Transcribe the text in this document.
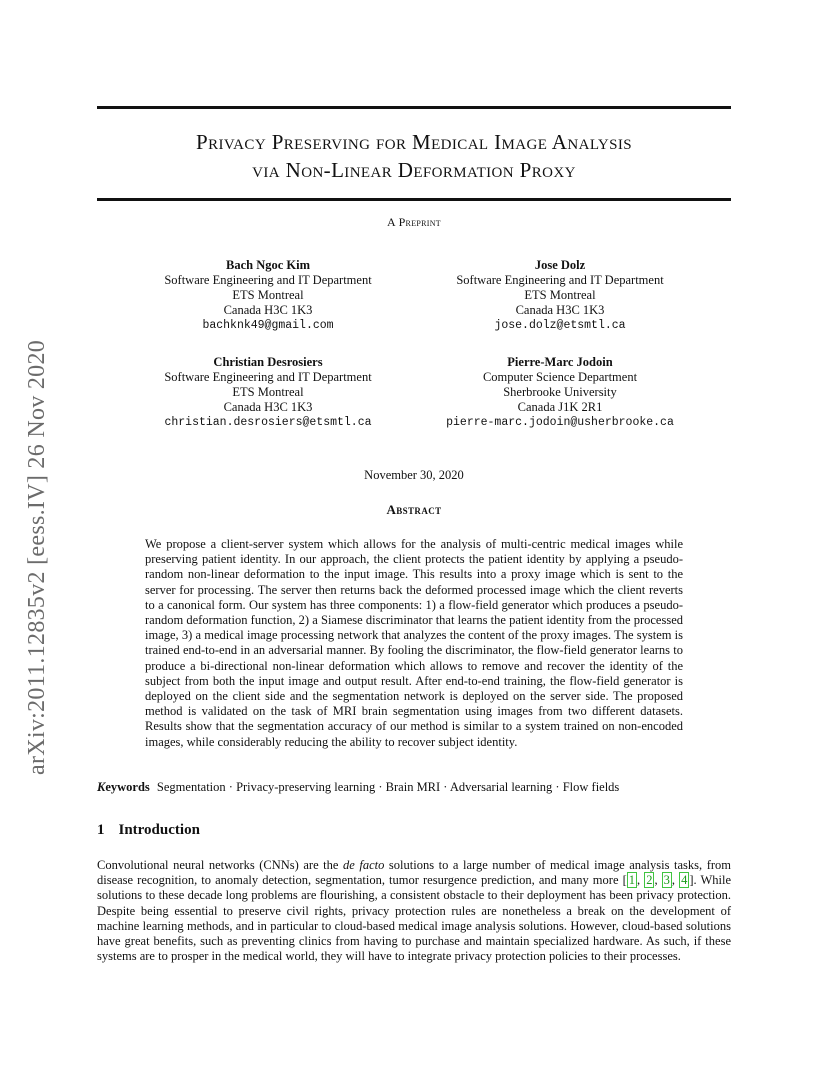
arXiv:2011.12835v2 [eess.IV] 26 Nov 2020
Privacy Preserving for Medical Image Analysis
via Non-Linear Deformation Proxy
A Preprint
Bach Ngoc Kim
Software Engineering and IT Department
ETS Montreal
Canada H3C 1K3
bachknk49@gmail.com
Jose Dolz
Software Engineering and IT Department
ETS Montreal
Canada H3C 1K3
jose.dolz@etsmtl.ca
Christian Desrosiers
Software Engineering and IT Department
ETS Montreal
Canada H3C 1K3
christian.desrosiers@etsmtl.ca
Pierre-Marc Jodoin
Computer Science Department
Sherbrooke University
Canada J1K 2R1
pierre-marc.jodoin@usherbrooke.ca
November 30, 2020
Abstract
We propose a client-server system which allows for the analysis of multi-centric medical images while preserving patient identity. In our approach, the client protects the patient identity by applying a pseudo-random non-linear deformation to the input image. This results into a proxy image which is sent to the server for processing. The server then returns back the deformed processed image which the client reverts to a canonical form. Our system has three components: 1) a flow-field generator which produces a pseudo-random deformation function, 2) a Siamese discriminator that learns the patient identity from the processed image, 3) a medical image processing network that analyzes the content of the proxy images. The system is trained end-to-end in an adversarial manner. By fooling the discriminator, the flow-field generator learns to produce a bi-directional non-linear deformation which allows to remove and recover the identity of the subject from both the input image and output result. After end-to-end training, the flow-field generator is deployed on the client side and the segmentation network is deployed on the server side. The proposed method is validated on the task of MRI brain segmentation using images from two different datasets. Results show that the segmentation accuracy of our method is similar to a system trained on non-encoded images, while considerably reducing the ability to recover subject identity.
Keywords Segmentation · Privacy-preserving learning · Brain MRI · Adversarial learning · Flow fields
1 Introduction
Convolutional neural networks (CNNs) are the de facto solutions to a large number of medical image analysis tasks, from disease recognition, to anomaly detection, segmentation, tumor resurgence prediction, and many more [ 1 , 2 , 3 , 4 ]. While solutions to these decade long problems are flourishing, a consistent obstacle to their deployment has been privacy protection. Despite being essential to preserve civil rights, privacy protection rules are nonetheless a break on the development of machine learning methods, and in particular to cloud-based medical image analysis solutions. However, cloud-based solutions have great benefits, such as preventing clinics from having to purchase and maintain specialized hardware. As such, if these systems are to prosper in the medical world, they will have to integrate privacy protection policies to their processes.
